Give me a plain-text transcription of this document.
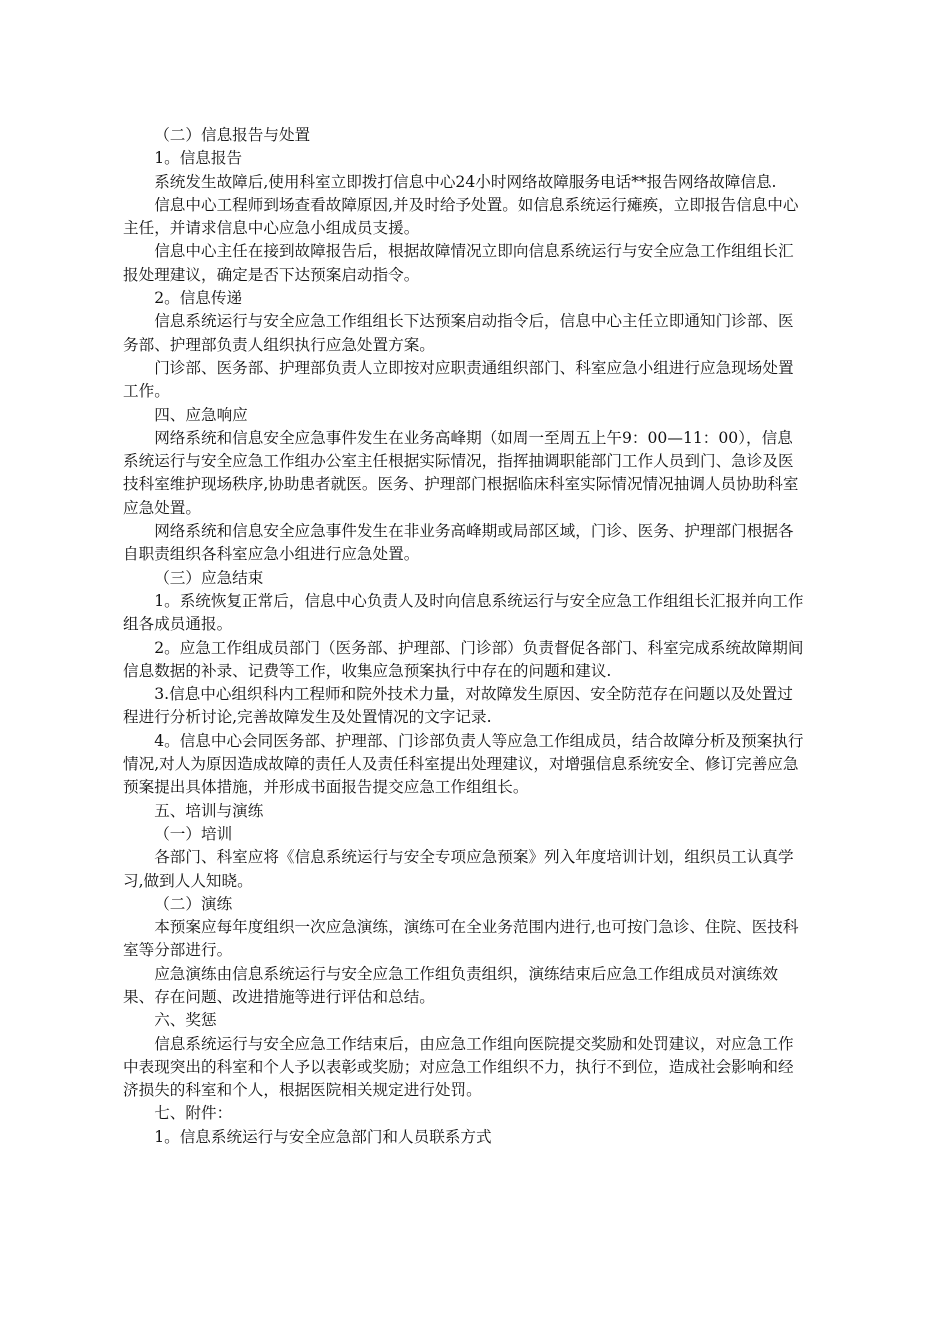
（二）信息报告与处置

1。信息报告

系统发生故障后,使用科室立即拨打信息中心24小时网络故障服务电话**报告网络故障信息.

信息中心工程师到场查看故障原因,并及时给予处置。如信息系统运行瘫痪，立即报告信息中心主任，并请求信息中心应急小组成员支援。

信息中心主任在接到故障报告后，根据故障情况立即向信息系统运行与安全应急工作组组长汇报处理建议，确定是否下达预案启动指令。

2。信息传递

信息系统运行与安全应急工作组组长下达预案启动指令后，信息中心主任立即通知门诊部、医务部、护理部负责人组织执行应急处置方案。

门诊部、医务部、护理部负责人立即按对应职责通组织部门、科室应急小组进行应急现场处置工作。

四、应急响应

网络系统和信息安全应急事件发生在业务高峰期（如周一至周五上午9：00—11：00），信息系统运行与安全应急工作组办公室主任根据实际情况，指挥抽调职能部门工作人员到门、急诊及医技科室维护现场秩序,协助患者就医。医务、护理部门根据临床科室实际情况情况抽调人员协助科室应急处置。

网络系统和信息安全应急事件发生在非业务高峰期或局部区域，门诊、医务、护理部门根据各自职责组织各科室应急小组进行应急处置。

（三）应急结束

1。系统恢复正常后，信息中心负责人及时向信息系统运行与安全应急工作组组长汇报并向工作组各成员通报。

2。应急工作组成员部门（医务部、护理部、门诊部）负责督促各部门、科室完成系统故障期间信息数据的补录、记费等工作，收集应急预案执行中存在的问题和建议.

3.信息中心组织科内工程师和院外技术力量，对故障发生原因、安全防范存在问题以及处置过程进行分析讨论,完善故障发生及处置情况的文字记录.

4。信息中心会同医务部、护理部、门诊部负责人等应急工作组成员，结合故障分析及预案执行情况,对人为原因造成故障的责任人及责任科室提出处理建议，对增强信息系统安全、修订完善应急预案提出具体措施，并形成书面报告提交应急工作组组长。

五、培训与演练

（一）培训

各部门、科室应将《信息系统运行与安全专项应急预案》列入年度培训计划，组织员工认真学习,做到人人知晓。

（二）演练

本预案应每年度组织一次应急演练，演练可在全业务范围内进行,也可按门急诊、住院、医技科室等分部进行。

应急演练由信息系统运行与安全应急工作组负责组织，演练结束后应急工作组成员对演练效果、存在问题、改进措施等进行评估和总结。

六、奖惩

信息系统运行与安全应急工作结束后，由应急工作组向医院提交奖励和处罚建议，对应急工作中表现突出的科室和个人予以表彰或奖励；对应急工作组织不力，执行不到位，造成社会影响和经济损失的科室和个人，根据医院相关规定进行处罚。

七、附件：

1。信息系统运行与安全应急部门和人员联系方式
